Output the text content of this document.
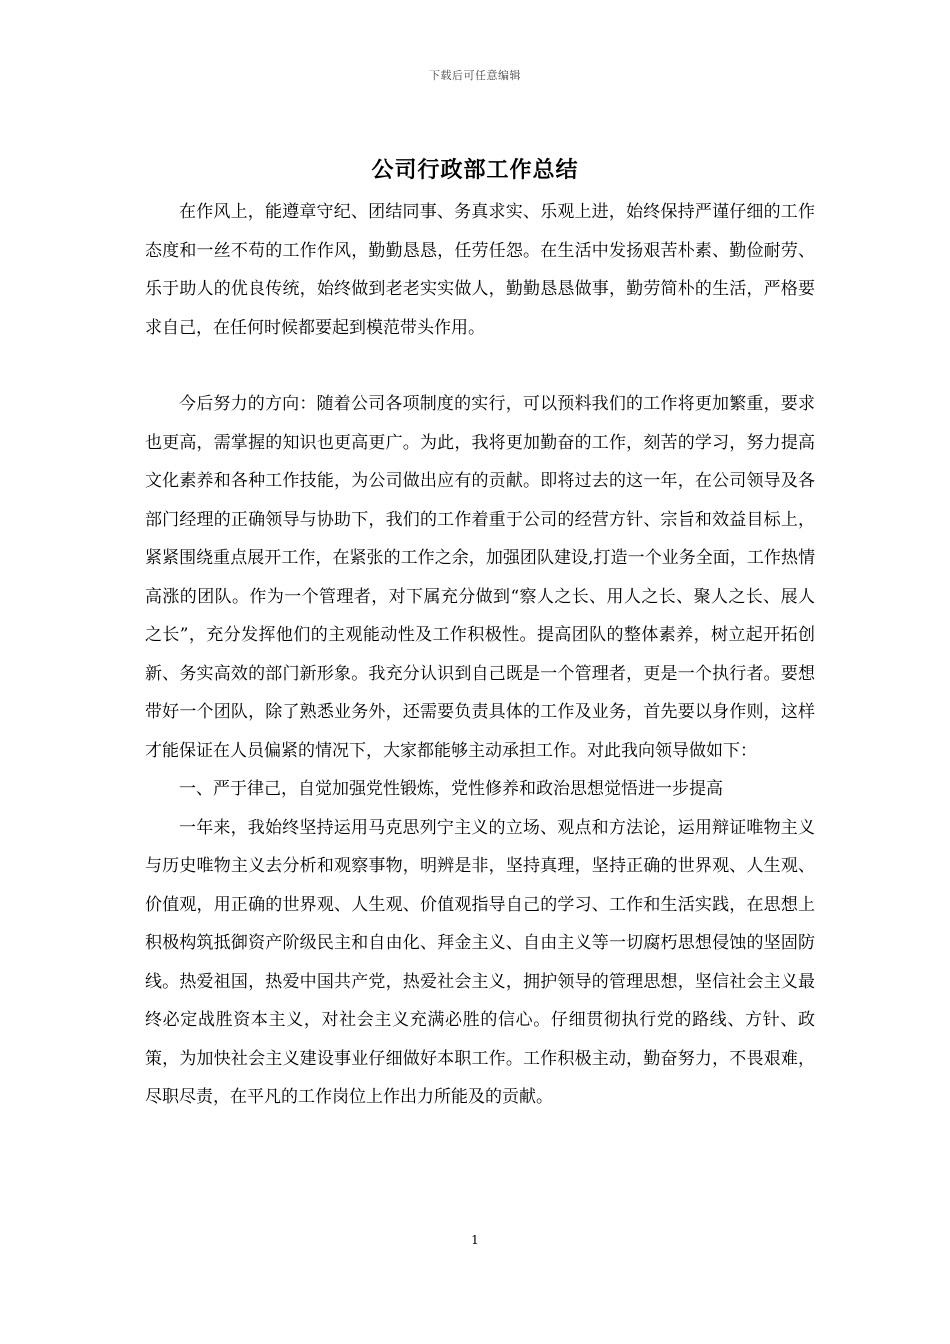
下载后可任意编辑
公司行政部工作总结

在作风上，能遵章守纪、团结同事、务真求实、乐观上进，始终保持严谨仔细的工作态度和一丝不苟的工作作风，勤勤恳恳，任劳任怨。在生活中发扬艰苦朴素、勤俭耐劳、乐于助人的优良传统，始终做到老老实实做人，勤勤恳恳做事，勤劳简朴的生活，严格要求自己，在任何时候都要起到模范带头作用。

今后努力的方向：随着公司各项制度的实行，可以预料我们的工作将更加繁重，要求也更高，需掌握的知识也更高更广。为此，我将更加勤奋的工作，刻苦的学习，努力提高文化素养和各种工作技能，为公司做出应有的贡献。即将过去的这一年，在公司领导及各部门经理的正确领导与协助下，我们的工作着重于公司的经营方针、宗旨和效益目标上，紧紧围绕重点展开工作，在紧张的工作之余，加强团队建设,打造一个业务全面，工作热情高涨的团队。作为一个管理者，对下属充分做到“察人之长、用人之长、聚人之长、展人之长”，充分发挥他们的主观能动性及工作积极性。提高团队的整体素养，树立起开拓创新、务实高效的部门新形象。我充分认识到自己既是一个管理者，更是一个执行者。要想带好一个团队，除了熟悉业务外，还需要负责具体的工作及业务，首先要以身作则，这样才能保证在人员偏紧的情况下，大家都能够主动承担工作。对此我向领导做如下：

一、严于律己，自觉加强党性锻炼，党性修养和政治思想觉悟进一步提高

一年来，我始终坚持运用马克思列宁主义的立场、观点和方法论，运用辩证唯物主义与历史唯物主义去分析和观察事物，明辨是非，坚持真理，坚持正确的世界观、人生观、价值观，用正确的世界观、人生观、价值观指导自己的学习、工作和生活实践，在思想上积极构筑抵御资产阶级民主和自由化、拜金主义、自由主义等一切腐朽思想侵蚀的坚固防线。热爱祖国，热爱中国共产党，热爱社会主义，拥护领导的管理思想，坚信社会主义最终必定战胜资本主义，对社会主义充满必胜的信心。仔细贯彻执行党的路线、方针、政策，为加快社会主义建设事业仔细做好本职工作。工作积极主动，勤奋努力，不畏艰难，尽职尽责，在平凡的工作岗位上作出力所能及的贡献。

1
